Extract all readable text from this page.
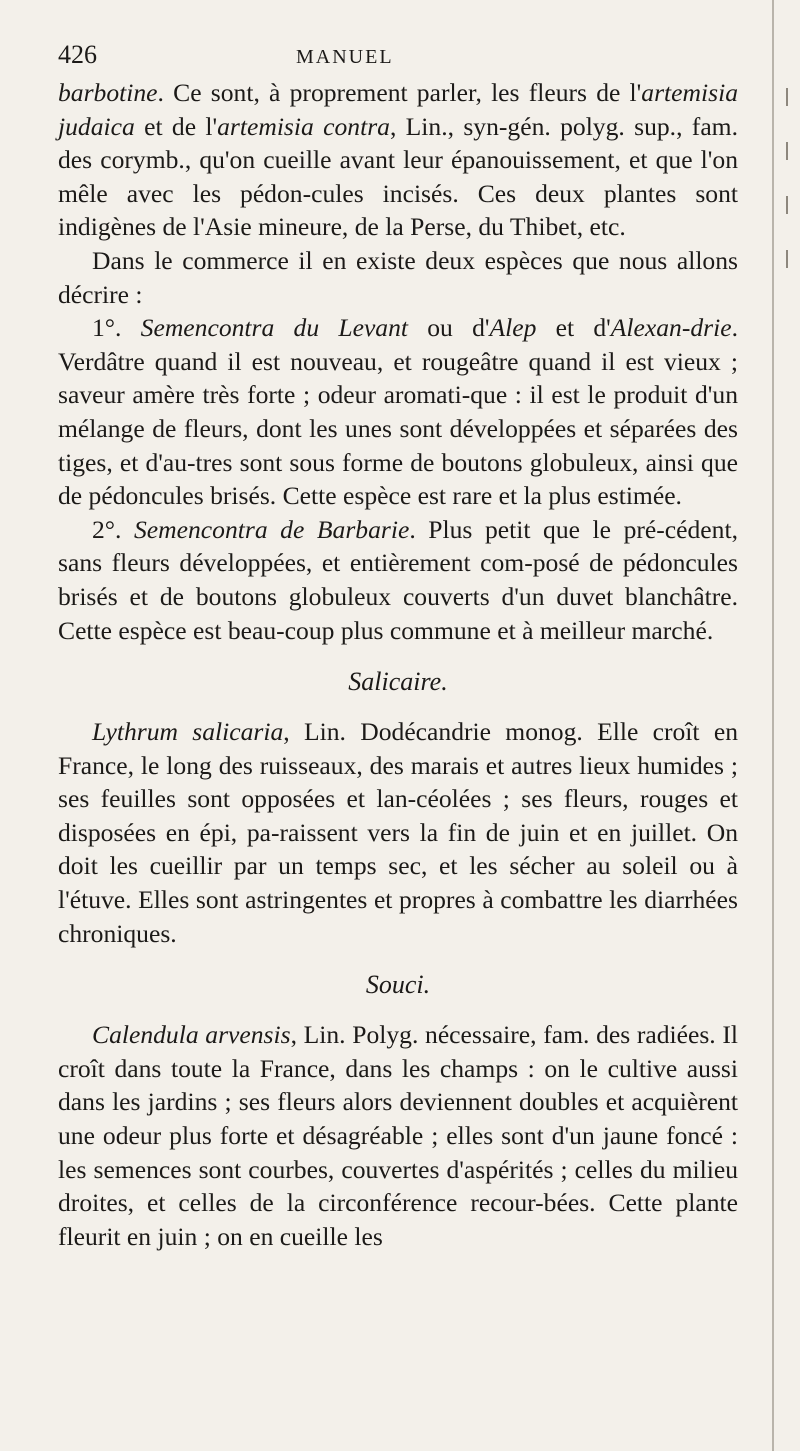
426	MANUEL

barbotine. Ce sont, à proprement parler, les fleurs de l'artemisia judaica et de l'artemisia contra, Lin., syn-gén. polyg. sup., fam. des corymb., qu'on cueille avant leur épanouissement, et que l'on mêle avec les pédon-cules incisés. Ces deux plantes sont indigènes de l'Asie mineure, de la Perse, du Thibet, etc.

Dans le commerce il en existe deux espèces que nous allons décrire :

1°. Semencontra du Levant ou d'Alep et d'Alexan-drie. Verdâtre quand il est nouveau, et rougeâtre quand il est vieux ; saveur amère très forte ; odeur aromati-que : il est le produit d'un mélange de fleurs, dont les unes sont développées et séparées des tiges, et d'au-tres sont sous forme de boutons globuleux, ainsi que de pédoncules brisés. Cette espèce est rare et la plus estimée.

2°. Semencontra de Barbarie. Plus petit que le pré-cédent, sans fleurs développées, et entièrement com-posé de pédoncules brisés et de boutons globuleux couverts d'un duvet blanchâtre. Cette espèce est beau-coup plus commune et à meilleur marché.

Salicaire.

Lythrum salicaria, Lin. Dodécandrie monog. Elle croît en France, le long des ruisseaux, des marais et autres lieux humides ; ses feuilles sont opposées et lan-céolées ; ses fleurs, rouges et disposées en épi, pa-raissent vers la fin de juin et en juillet. On doit les cueillir par un temps sec, et les sécher au soleil ou à l'étuve. Elles sont astringentes et propres à combattre les diarrhées chroniques.

Souci.

Calendula arvensis, Lin. Polyg. nécessaire, fam. des radiées. Il croît dans toute la France, dans les champs : on le cultive aussi dans les jardins ; ses fleurs alors deviennent doubles et acquièrent une odeur plus forte et désagréable ; elles sont d'un jaune foncé : les semences sont courbes, couvertes d'aspérités ; celles du milieu droites, et celles de la circonférence recour-bées. Cette plante fleurit en juin ; on en cueille les
